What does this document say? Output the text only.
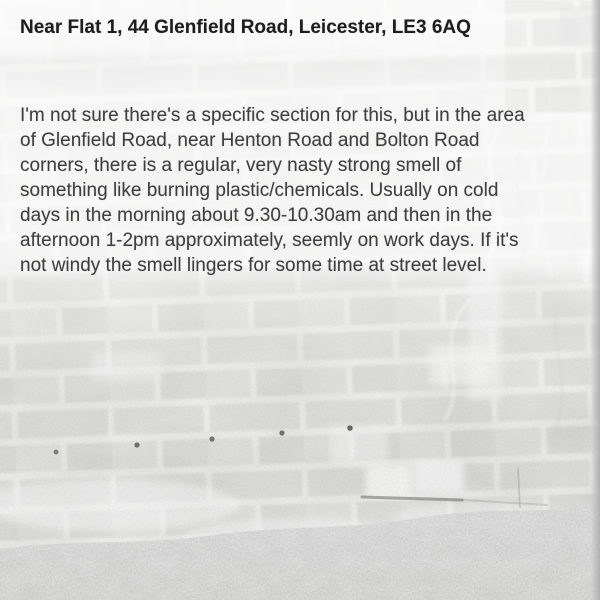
Near Flat 1, 44 Glenfield Road, Leicester, LE3 6AQ
I'm not sure there's a specific section for this, but in the area
of Glenfield Road, near Henton Road and Bolton Road
corners, there is a regular, very nasty strong smell of
something like burning plastic/chemicals. Usually on cold
days in the morning about 9.30-10.30am and then in the
afternoon 1-2pm approximately, seemly on work days. If it's
not windy the smell lingers for some time at street level.
